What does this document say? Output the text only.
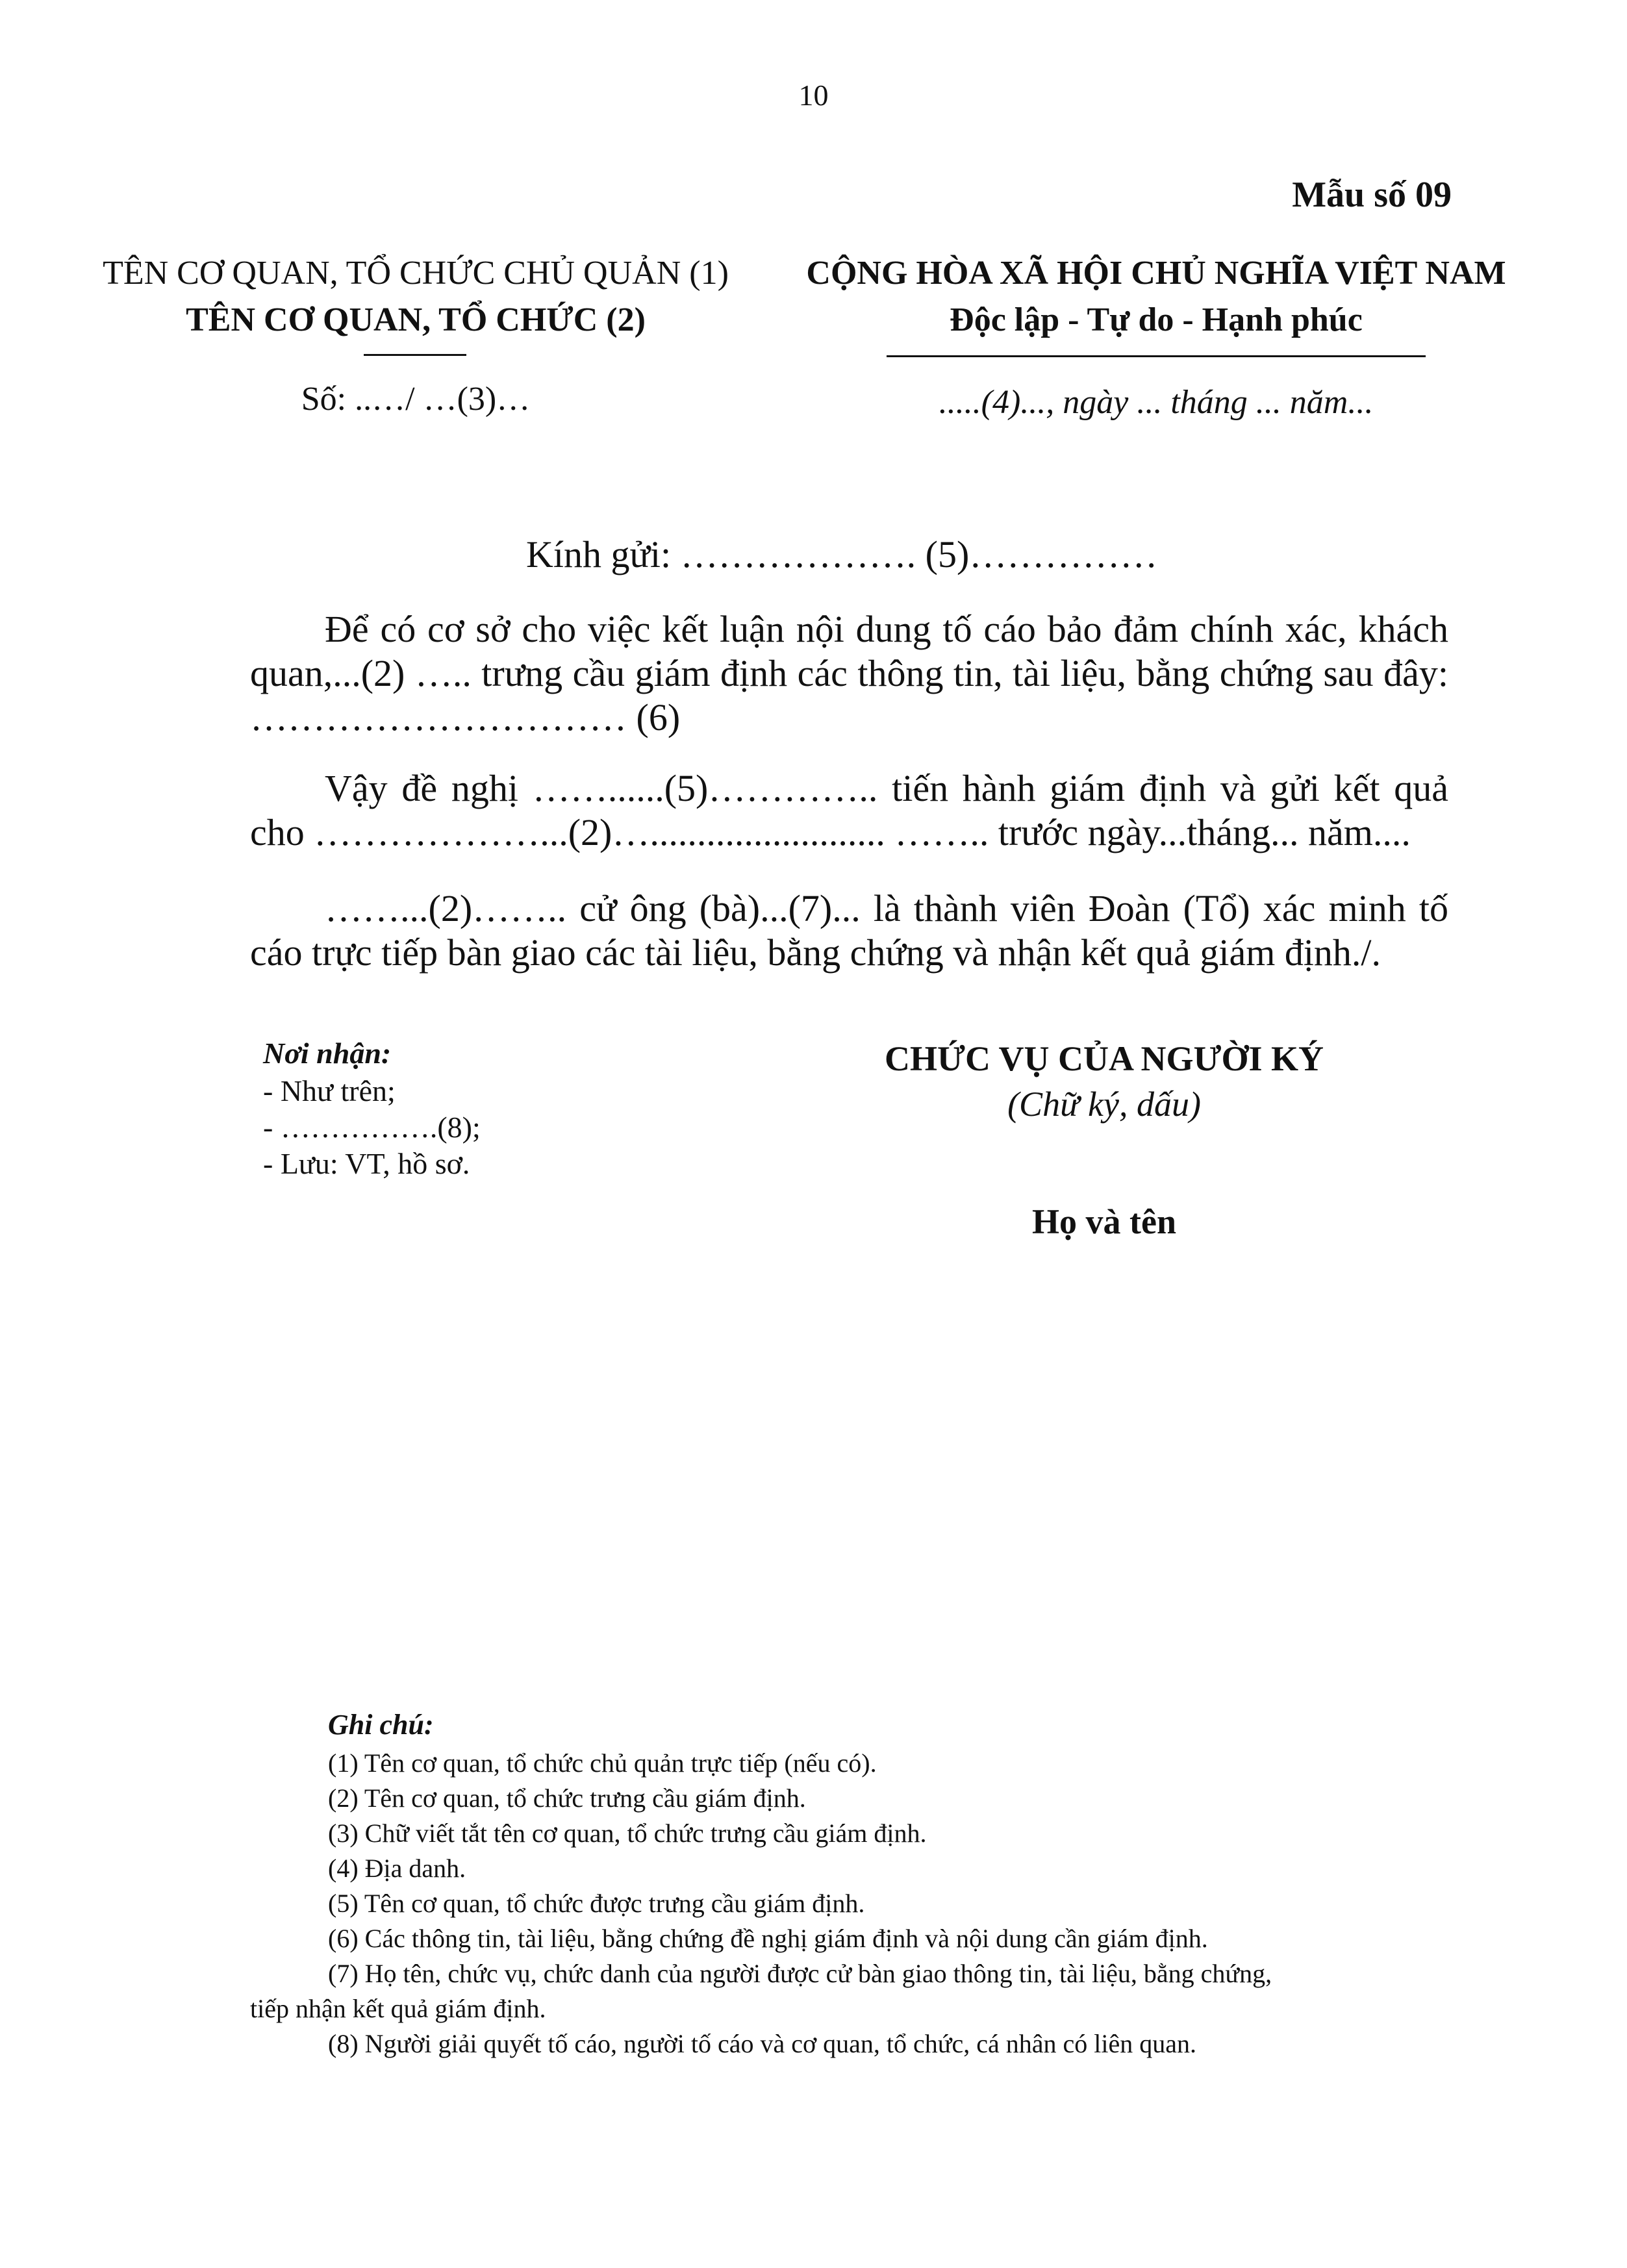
10
Mẫu số 09
TÊN CƠ QUAN, TỔ CHỨC CHỦ QUẢN (1)
TÊN CƠ QUAN, TỔ CHỨC (2)
Số: ..…/ …(3)…
CỘNG HÒA XÃ HỘI CHỦ NGHĨA VIỆT NAM
Độc lập - Tự do - Hạnh phúc
.....(4)..., ngày ... tháng ... năm...
Kính gửi: ………………. (5)……………

Để có cơ sở cho việc kết luận nội dung tố cáo bảo đảm chính xác, khách quan,...(2) ….. trưng cầu giám định các thông tin, tài liệu, bằng chứng sau đây: ………………………… (6)

Vậy đề nghị ……......(5)………….. tiến hành giám định và gửi kết quả cho ………………...(2)…......................... …….. trước ngày...tháng... năm....

……...(2)…….. cử ông (bà)...(7)... là thành viên Đoàn (Tổ) xác minh tố cáo trực tiếp bàn giao các tài liệu, bằng chứng và nhận kết quả giám định./.

Nơi nhận:
- Như trên;
- …………….(8);
- Lưu: VT, hồ sơ.
CHỨC VỤ CỦA NGƯỜI KÝ
(Chữ ký, dấu)
Họ và tên
Ghi chú:
(1) Tên cơ quan, tổ chức chủ quản trực tiếp (nếu có).
(2) Tên cơ quan, tổ chức trưng cầu giám định.
(3) Chữ viết tắt tên cơ quan, tổ chức trưng cầu giám định.
(4) Địa danh.
(5) Tên cơ quan, tổ chức được trưng cầu giám định.
(6) Các thông tin, tài liệu, bằng chứng đề nghị giám định và nội dung cần giám định.
(7) Họ tên, chức vụ, chức danh của người được cử bàn giao thông tin, tài liệu, bằng chứng,
tiếp nhận kết quả giám định.
(8) Người giải quyết tố cáo, người tố cáo và cơ quan, tổ chức, cá nhân có liên quan.
